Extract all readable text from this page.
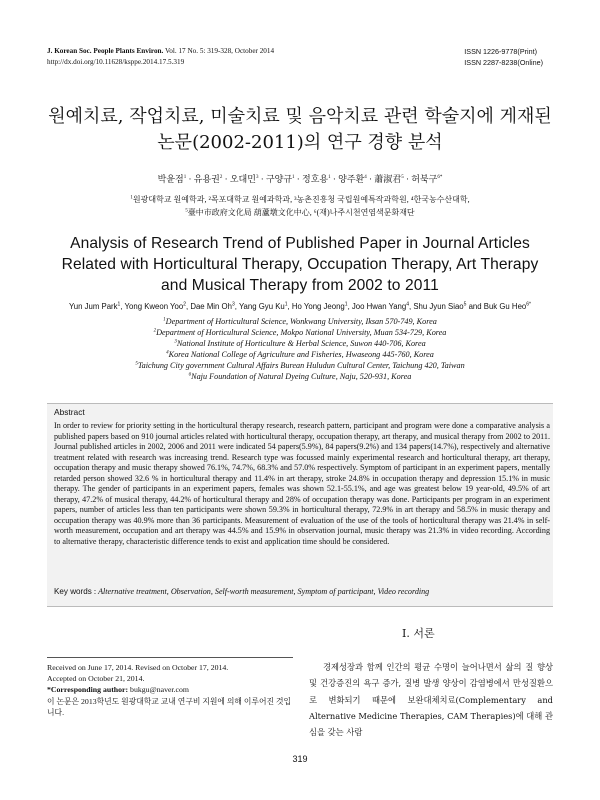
J. Korean Soc. People Plants Environ. Vol. 17 No. 5: 319-328, October 2014
http://dx.doi.org/10.11628/ksppe.2014.17.5.319
ISSN 1226-9778(Print)
ISSN 2287-8238(Online)
원예치료, 작업치료, 미술치료 및 음악치료 관련 학술지에 게재된
논문(2002-2011)의 연구 경향 분석
박윤점$^1$ · 유용권$^2$ · 오대민$^3$ · 구양규$^1$ · 정호용$^1$ · 양주환$^4$ · 蕭淑君$^5$ · 허북구$^{6*}$
$^1$원광대학교 원예학과, ²목포대학교 원예과학과, ³농촌진흥청 국립원예특작과학원, ⁴한국농수산대학,
$^5$臺中市政府文化局 葫蘆墩文化中心, ⁶(재)나주시천연염색문화재단
Analysis of Research Trend of Published Paper in Journal Articles
Related with Horticultural Therapy, Occupation Therapy, Art Therapy
and Musical Therapy from 2002 to 2011
Yun Jum Park$^1$, Yong Kweon Yoo$^2$, Dae Min Oh$^3$, Yang Gyu Ku$^1$, Ho Yong Jeong$^1$, Joo Hwan Yang$^4$, Shu Jyun Siao$^5$ and Buk Gu Heo$^{6*}$
$^1$Department of Horticultural Science, Wonkwang University, Iksan 570-749, Korea
$^2$Department of Horticultural Science, Mokpo National University, Muan 534-729, Korea
$^3$National Institute of Horticulture & Herbal Science, Suwon 440-706, Korea
$^4$Korea National College of Agriculture and Fisheries, Hwaseong 445-760, Korea
$^5$Taichung City government Cultural Affairs Burean Huludun Cultural Center, Taichung 420, Taiwan
$^6$Naju Foundation of Natural Dyeing Culture, Naju, 520-931, Korea
Abstract
In order to review for priority setting in the horticultural therapy research, research pattern, participant and program were done a comparative analysis a published papers based on 910 journal articles related with horticultural therapy, occupation therapy, art therapy, and musical therapy from 2002 to 2011. Journal published articles in 2002, 2006 and 2011 were indicated 54 papers(5.9%), 84 papers(9.2%) and 134 papers(14.7%), respectively and alternative treatment related with research was increasing trend. Research type was focussed mainly experimental research and horticultural therapy, art therapy, occupation therapy and music therapy showed 76.1%, 74.7%, 68.3% and 57.0% respectively. Symptom of participant in an experiment papers, mentally retarded person showed 32.6 % in horticultural therapy and 11.4% in art therapy, stroke 24.8% in occupation therapy and depression 15.1% in music therapy. The gender of participants in an experiment papers, females was shown 52.1-55.1%, and age was greatest below 19 year-old, 49.5% of art therapy, 47.2% of musical therapy, 44.2% of horticultural therapy and 28% of occupation therapy was done. Participants per program in an experiment papers, number of articles less than ten participants were shown 59.3% in horticultural therapy, 72.9% in art therapy and 58.5% in music therapy and occupation therapy was 40.9% more than 36 participants. Measurement of evaluation of the use of the tools of horticultural therapy was 21.4% in self-worth measurement, occupation and art therapy was 44.5% and 15.9% in observation journal, music therapy was 21.3% in video recording. According to alternative therapy, characteristic difference tends to exist and application time should be considered.
Key words : Alternative treatment, Observation, Self-worth measurement, Symptom of participant, Video recording
Ⅰ. 서론
Received on June 17, 2014. Revised on October 17, 2014.
Accepted on October 21, 2014.
*Corresponding author: bukgu@naver.com
이 논문은 2013학년도 원광대학교 교내 연구비 지원에 의해 이루어진 것입니다.
경제성장과 함께 인간의 평균 수명이 늘어나면서 삶의 질 향상 및 건강증진의 욕구 증가, 질병 발생 양상이 감염병에서 만성질환으로 변화되기 때문에 보완대체치료(Complementary and Alternative Medicine Therapies, CAM Therapies)에 대해 관심을 갖는 사람
319
